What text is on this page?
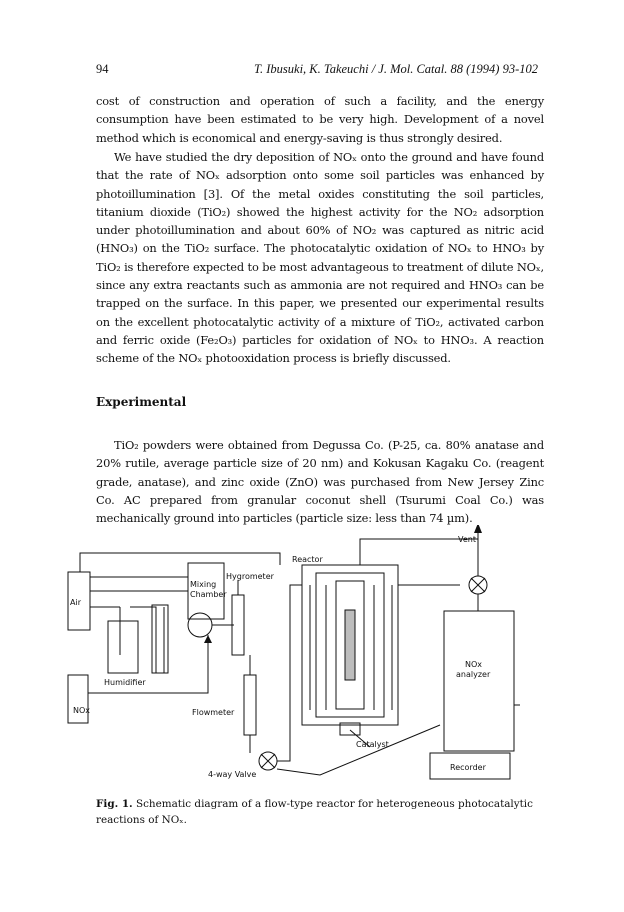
94	T. Ibusuki, K. Takeuchi / J. Mol. Catal. 88 (1994) 93-102

cost of construction and operation of such a facility, and the energy consumption have been estimated to be very high. Development of a novel method which is economical and energy-saving is thus strongly desired.

We have studied the dry deposition of NOₓ onto the ground and have found that the rate of NOₓ adsorption onto some soil particles was enhanced by photoillumination [3]. Of the metal oxides constituting the soil particles, titanium dioxide (TiO₂) showed the highest activity for the NO₂ adsorption under photoillumination and about 60% of NO₂ was captured as nitric acid (HNO₃) on the TiO₂ surface. The photocatalytic oxidation of NOₓ to HNO₃ by TiO₂ is therefore expected to be most advantageous to treatment of dilute NOₓ, since any extra reactants such as ammonia are not required and HNO₃ can be trapped on the surface. In this paper, we presented our experimental results on the excellent photocatalytic activity of a mixture of TiO₂, activated carbon and ferric oxide (Fe₂O₃) particles for oxidation of NOₓ to HNO₃. A reaction scheme of the NOₓ photooxidation process is briefly discussed.

Experimental

TiO₂ powders were obtained from Degussa Co. (P-25, ca. 80% anatase and 20% rutile, average particle size of 20 nm) and Kokusan Kagaku Co. (reagent grade, anatase), and zinc oxide (ZnO) was purchased from New Jersey Zinc Co. AC prepared from granular coconut shell (Tsurumi Coal Co.) was mechanically ground into particles (particle size: less than 74 µm).

Vent
Reactor
Air
Mixing
Chamber
Hygrometer
Humidifier
NOx	Flowmeter
NOx
analyzer
Catalyst
4-way Valve
Recorder

Fig. 1. Schematic diagram of a flow-type reactor for heterogeneous photocatalytic reactions of NOₓ.
